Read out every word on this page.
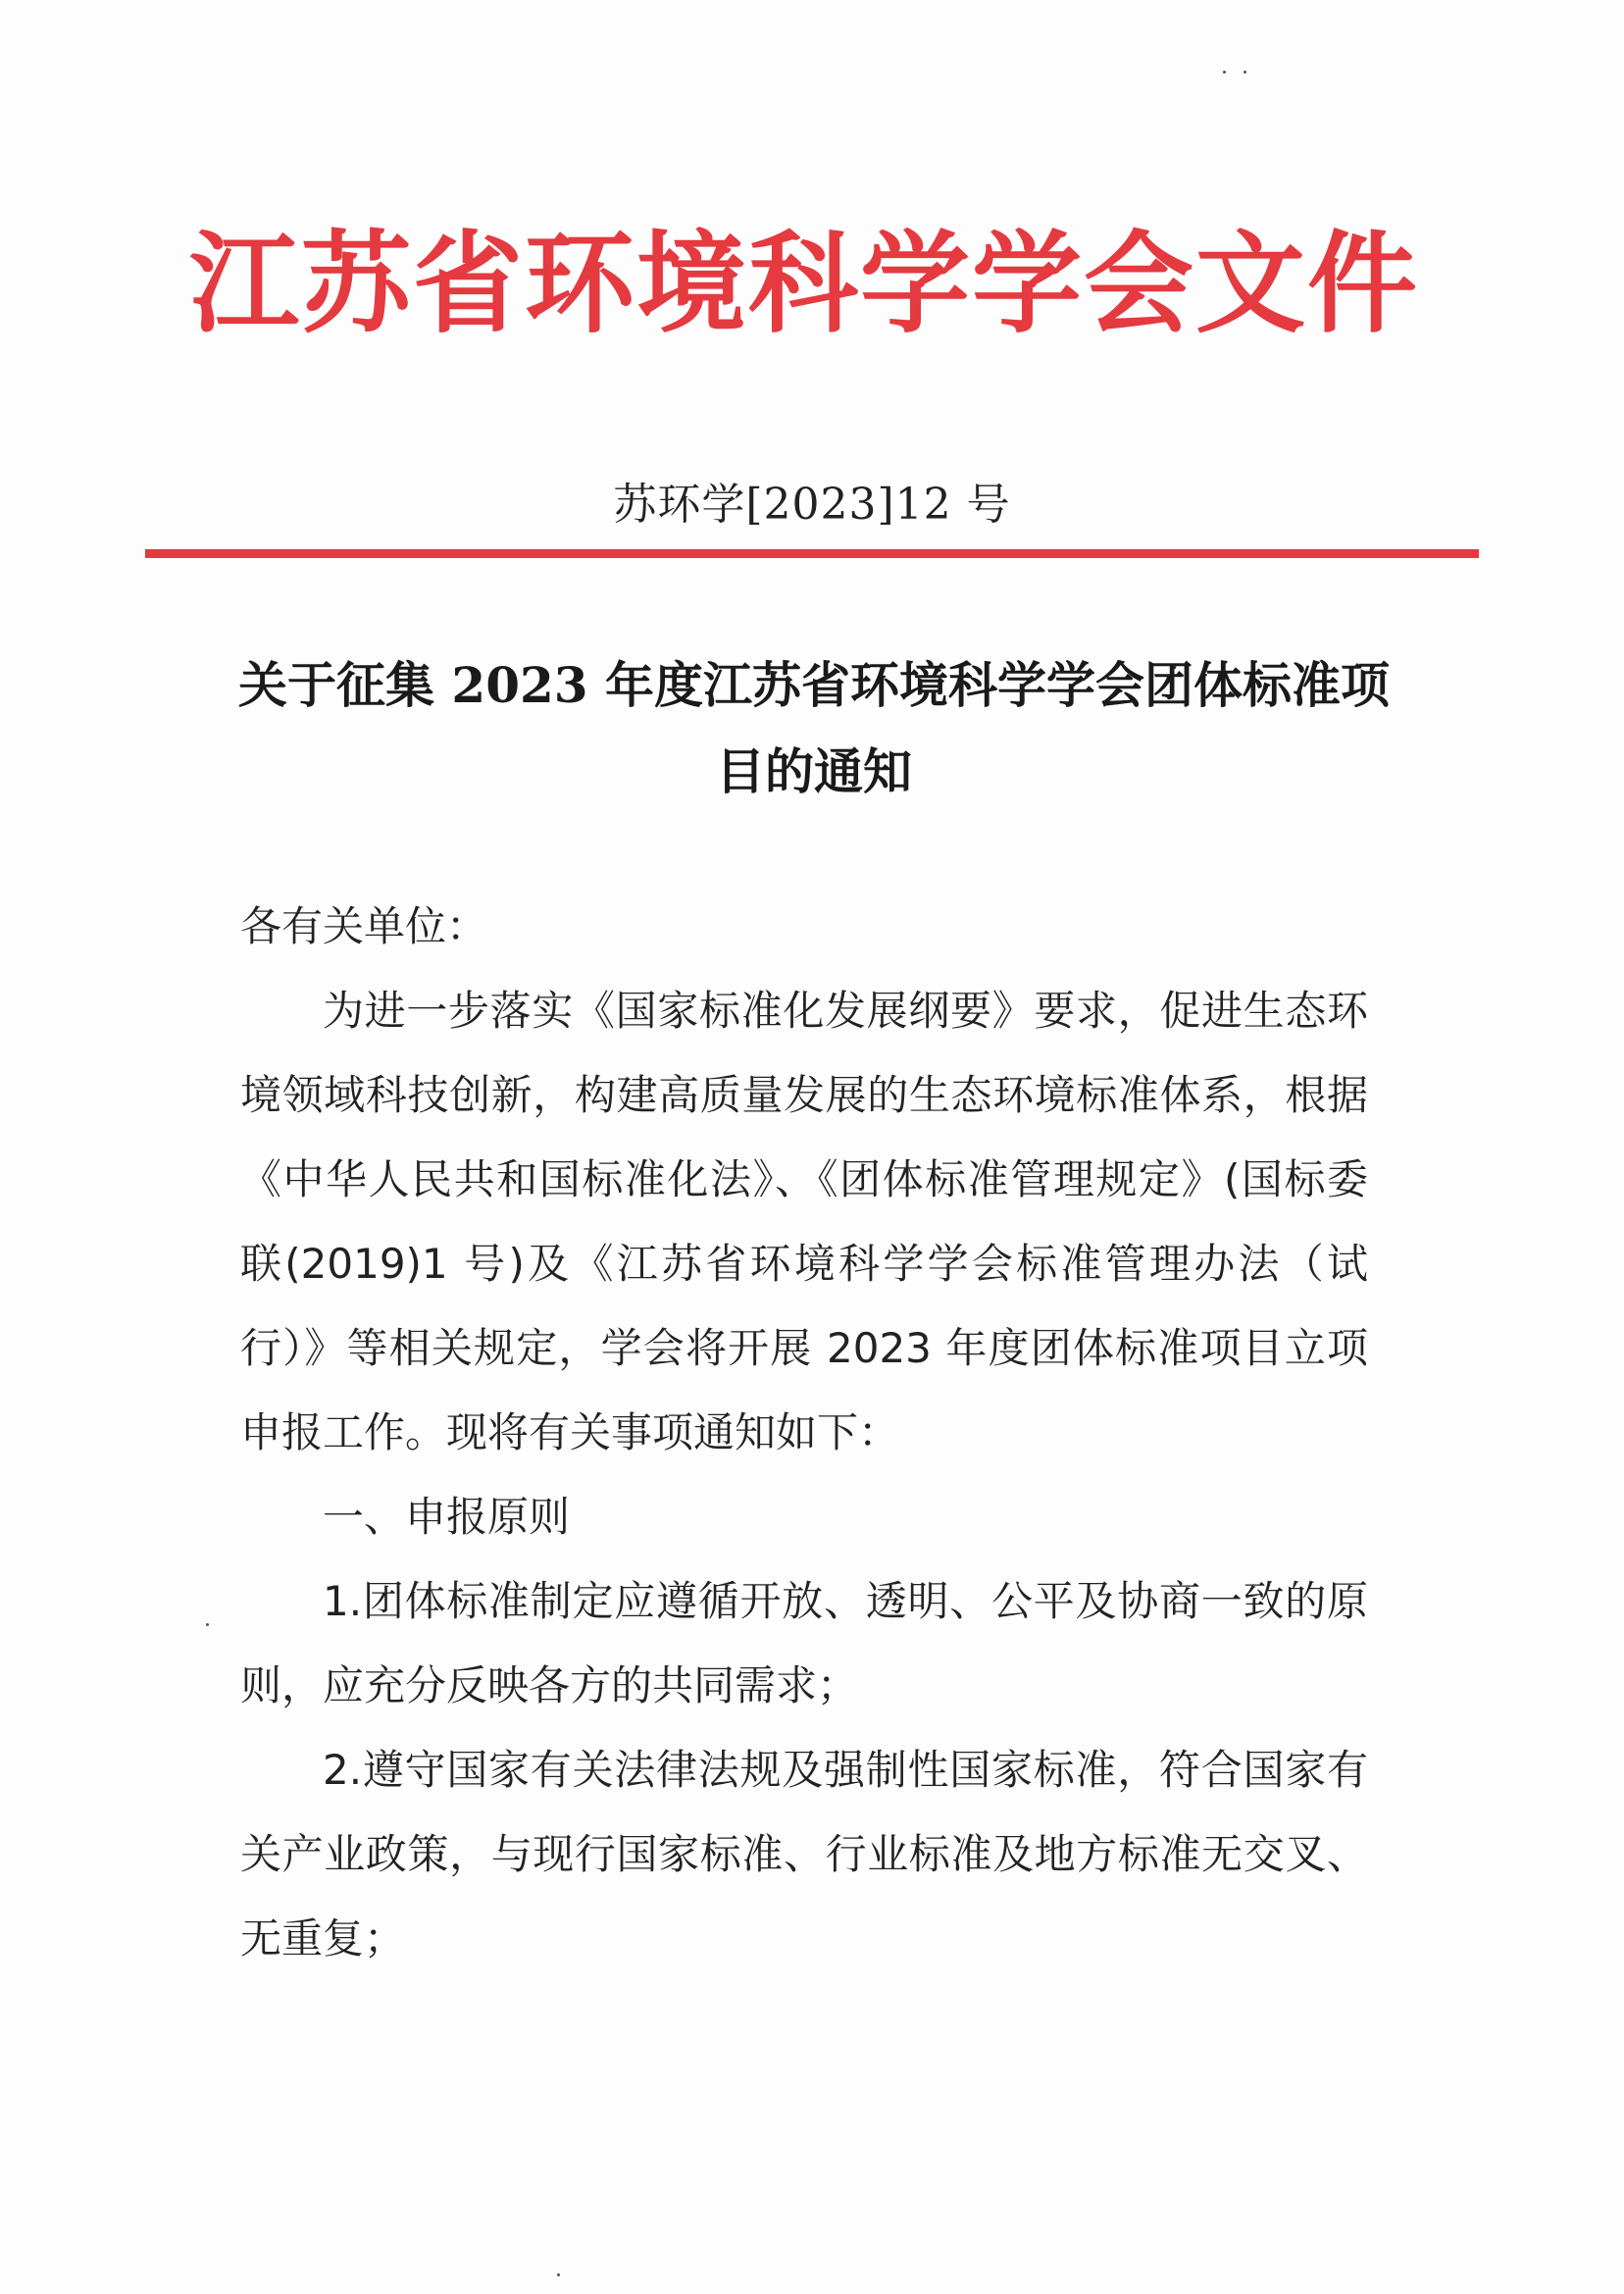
江苏省环境科学学会文件
苏环学[2023]12 号
关于征集 2023 年度江苏省环境科学学会团体标准项目的通知

各有关单位：

为进一步落实《国家标准化发展纲要》要求，促进生态环境领域科技创新，构建高质量发展的生态环境标准体系，根据《中华人民共和国标准化法》、《团体标准管理规定》(国标委联(2019)1 号)及《江苏省环境科学学会标准管理办法（试行）》等相关规定，学会将开展 2023 年度团体标准项目立项申报工作。现将有关事项通知如下：

一、申报原则

1.团体标准制定应遵循开放、透明、公平及协商一致的原则，应充分反映各方的共同需求；

2.遵守国家有关法律法规及强制性国家标准，符合国家有关产业政策，与现行国家标准、行业标准及地方标准无交叉、无重复；
